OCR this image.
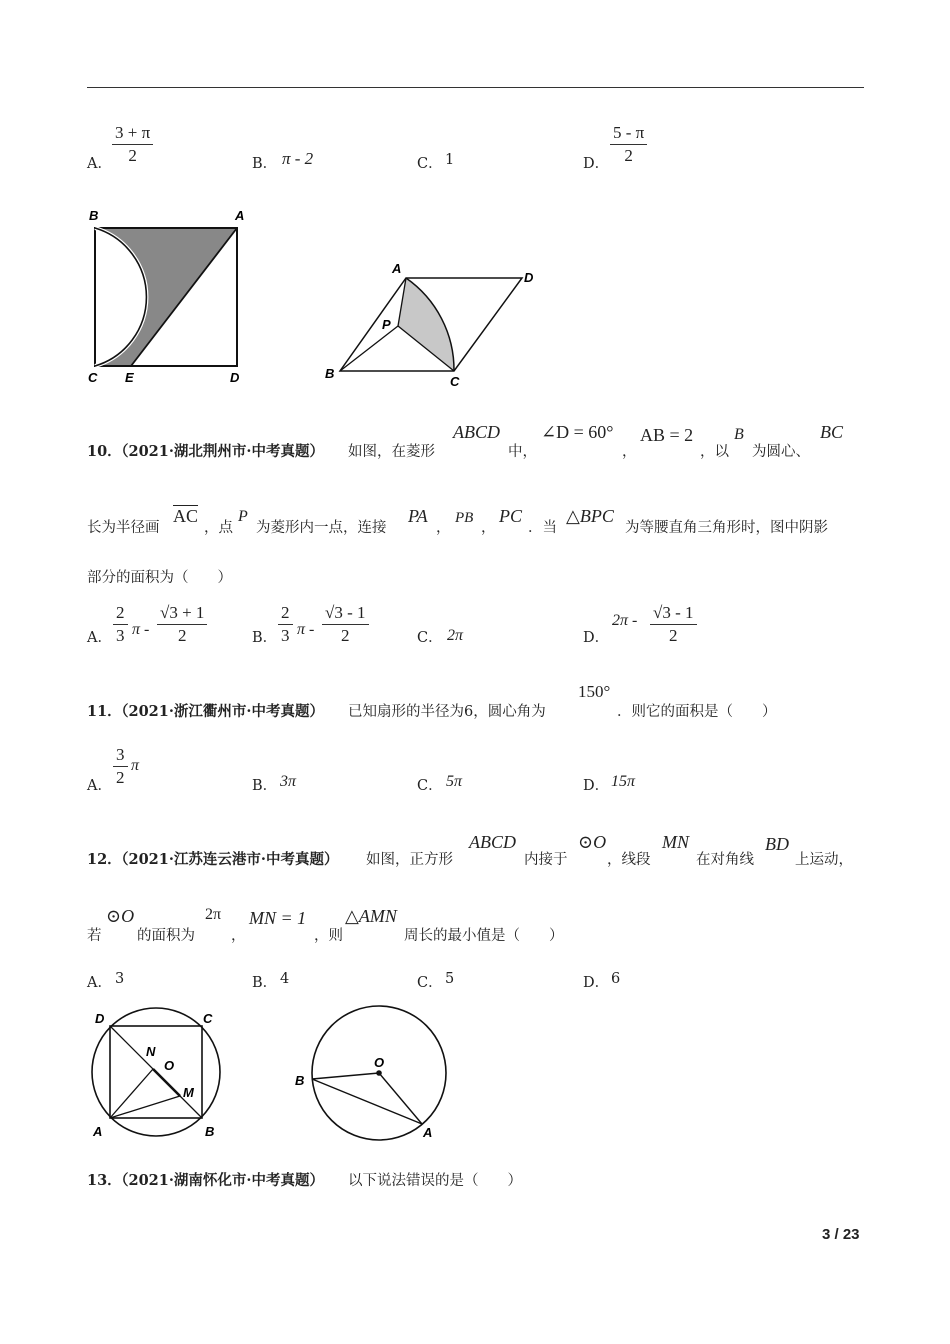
A． $\frac{3 + \pi}{2}$	B． π - 2	C． 1	D． $\frac{5 - \pi}{2}$
B	A
C E	D
A
D
P
B
C
10．
（2021·湖北荆州市·中考真题） 如图，在菱形
ABCD
中，
∠D = 60°
，
AB = 2
，以
B
为圆心、
BC
长为半径画
$\overline{AC}$
，点
P
为菱形内一点，连接
PA
，
PB
，
PC
．当
△BPC
为等腰直角三角形时，图中阴影
部分的面积为（　　）
A． $\frac{2}{3}$ π - $\frac{√3 + 1}{2}$	B． $\frac{2}{3}$ π - $\frac{√3 - 1}{2}$	C． 2π	D．
$2\pi - \frac{√3 - 1}{2}$
11．
（2021·浙江衢州市·中考真题） 已知扇形的半径为6，圆心角为
150°
．则它的面积是（　　）
A． $\frac{3}{2}$ π
B． 3π	C． 5π	D． 15π
12．
（2021·江苏连云港市·中考真题） 如图，正方形
ABCD
内接于
⊙O
，线段
MN
在对角线
BD
上运动，
若
⊙O
的面积为
2π
，
MN = 1
，则
△AMN
周长的最小值是（　　）
A． 3	B． 4	C． 5	D． 6
D	C
N
O
M
A	B
O
B
A
13．
（2021·湖南怀化市·中考真题） 以下说法错误的是（　　）
3 / 23
